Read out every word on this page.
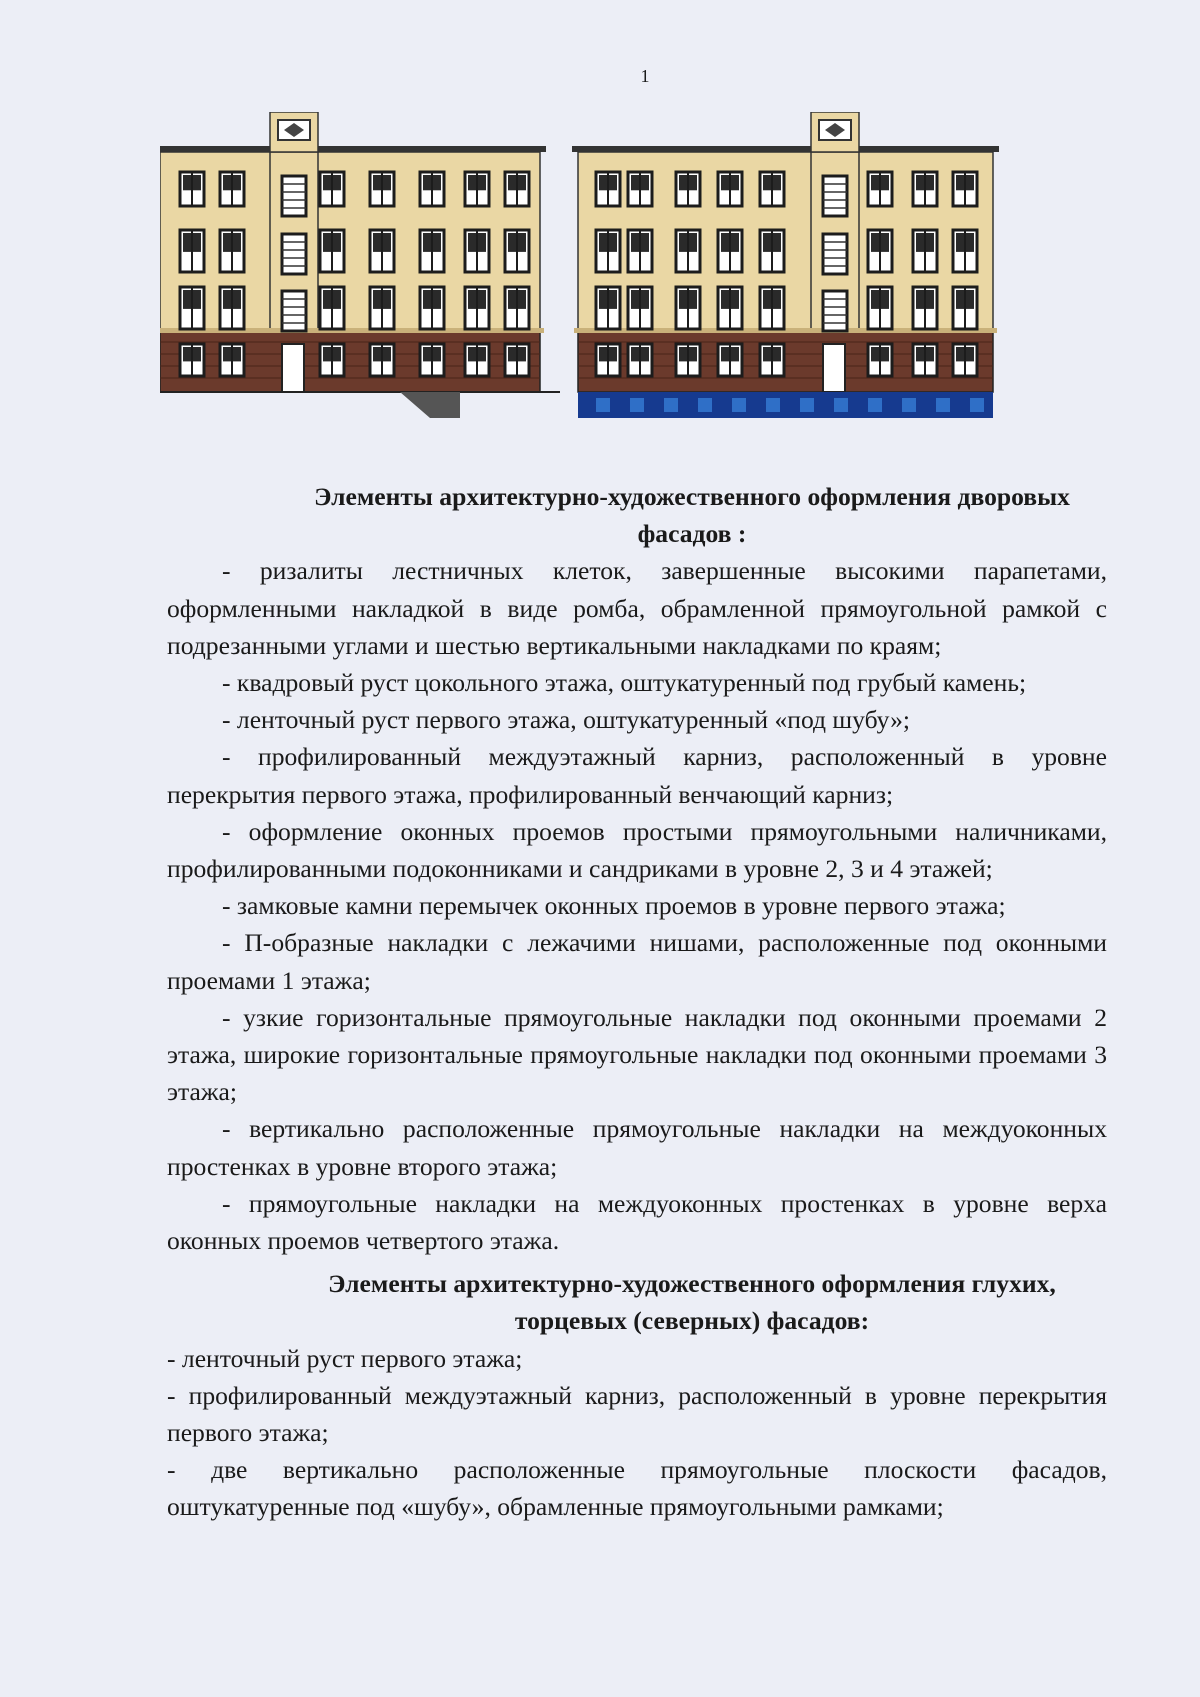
1

Элементы архитектурно-художественного оформления дворовых фасадов :

- ризалиты лестничных клеток, завершенные высокими парапетами, оформленными накладкой в виде ромба, обрамленной прямоугольной рамкой с подрезанными углами и шестью вертикальными накладками по краям;

- квадровый руст цокольного этажа, оштукатуренный под грубый камень;

- ленточный руст первого этажа, оштукатуренный «под шубу»;

- профилированный междуэтажный карниз, расположенный в уровне перекрытия первого этажа, профилированный венчающий карниз;

- оформление оконных проемов простыми прямоугольными наличниками, профилированными подоконниками и сандриками в уровне 2, 3 и 4 этажей;

- замковые камни перемычек оконных проемов в уровне первого этажа;

- П-образные накладки с лежачими нишами, расположенные под оконными проемами 1 этажа;

- узкие горизонтальные прямоугольные накладки под оконными проемами 2 этажа, широкие горизонтальные прямоугольные накладки под оконными проемами 3 этажа;

- вертикально расположенные прямоугольные накладки на междуоконных простенках в уровне второго этажа;

- прямоугольные накладки на междуоконных простенках в уровне верха оконных проемов четвертого этажа.

Элементы архитектурно-художественного оформления глухих, торцевых (северных) фасадов:

- ленточный руст первого этажа;

- профилированный междуэтажный карниз, расположенный в уровне перекрытия первого этажа;

- две вертикально расположенные прямоугольные плоскости фасадов, оштукатуренные под «шубу», обрамленные прямоугольными рамками;
